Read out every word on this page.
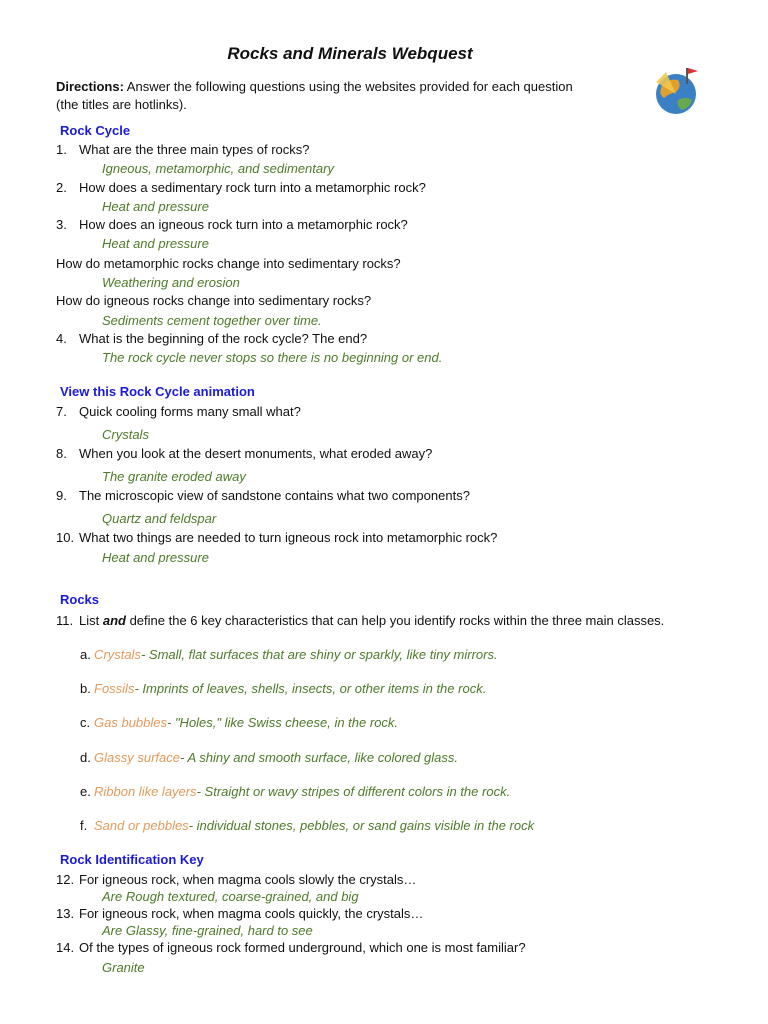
Rocks and Minerals Webquest
Directions: Answer the following questions using the websites provided for each question
(the titles are hotlinks).
Rock Cycle
1. What are the three main types of rocks?
Igneous, metamorphic, and sedimentary
2. How does a sedimentary rock turn into a metamorphic rock?
Heat and pressure
3. How does an igneous rock turn into a metamorphic rock?
Heat and pressure
How do metamorphic rocks change into sedimentary rocks?
Weathering and erosion
How do igneous rocks change into sedimentary rocks?
Sediments cement together over time.
4. What is the beginning of the rock cycle? The end?
The rock cycle never stops so there is no beginning or end.
View this Rock Cycle animation
7. Quick cooling forms many small what?
Crystals
8. When you look at the desert monuments, what eroded away?
The granite eroded away
9. The microscopic view of sandstone contains what two components?
Quartz and feldspar
10. What two things are needed to turn igneous rock into metamorphic rock?
Heat and pressure
Rocks
11. List and define the 6 key characteristics that can help you identify rocks within the three main classes.
a. Crystals- Small, flat surfaces that are shiny or sparkly, like tiny mirrors.
b. Fossils- Imprints of leaves, shells, insects, or other items in the rock.
c. Gas bubbles- "Holes," like Swiss cheese, in the rock.
d. Glassy surface- A shiny and smooth surface, like colored glass.
e. Ribbon like layers- Straight or wavy stripes of different colors in the rock.
f. Sand or pebbles- individual stones, pebbles, or sand gains visible in the rock
Rock Identification Key
12. For igneous rock, when magma cools slowly the crystals…
Are Rough textured, coarse-grained, and big
13. For igneous rock, when magma cools quickly, the crystals…
Are Glassy, fine-grained, hard to see
14. Of the types of igneous rock formed underground, which one is most familiar?
Granite
